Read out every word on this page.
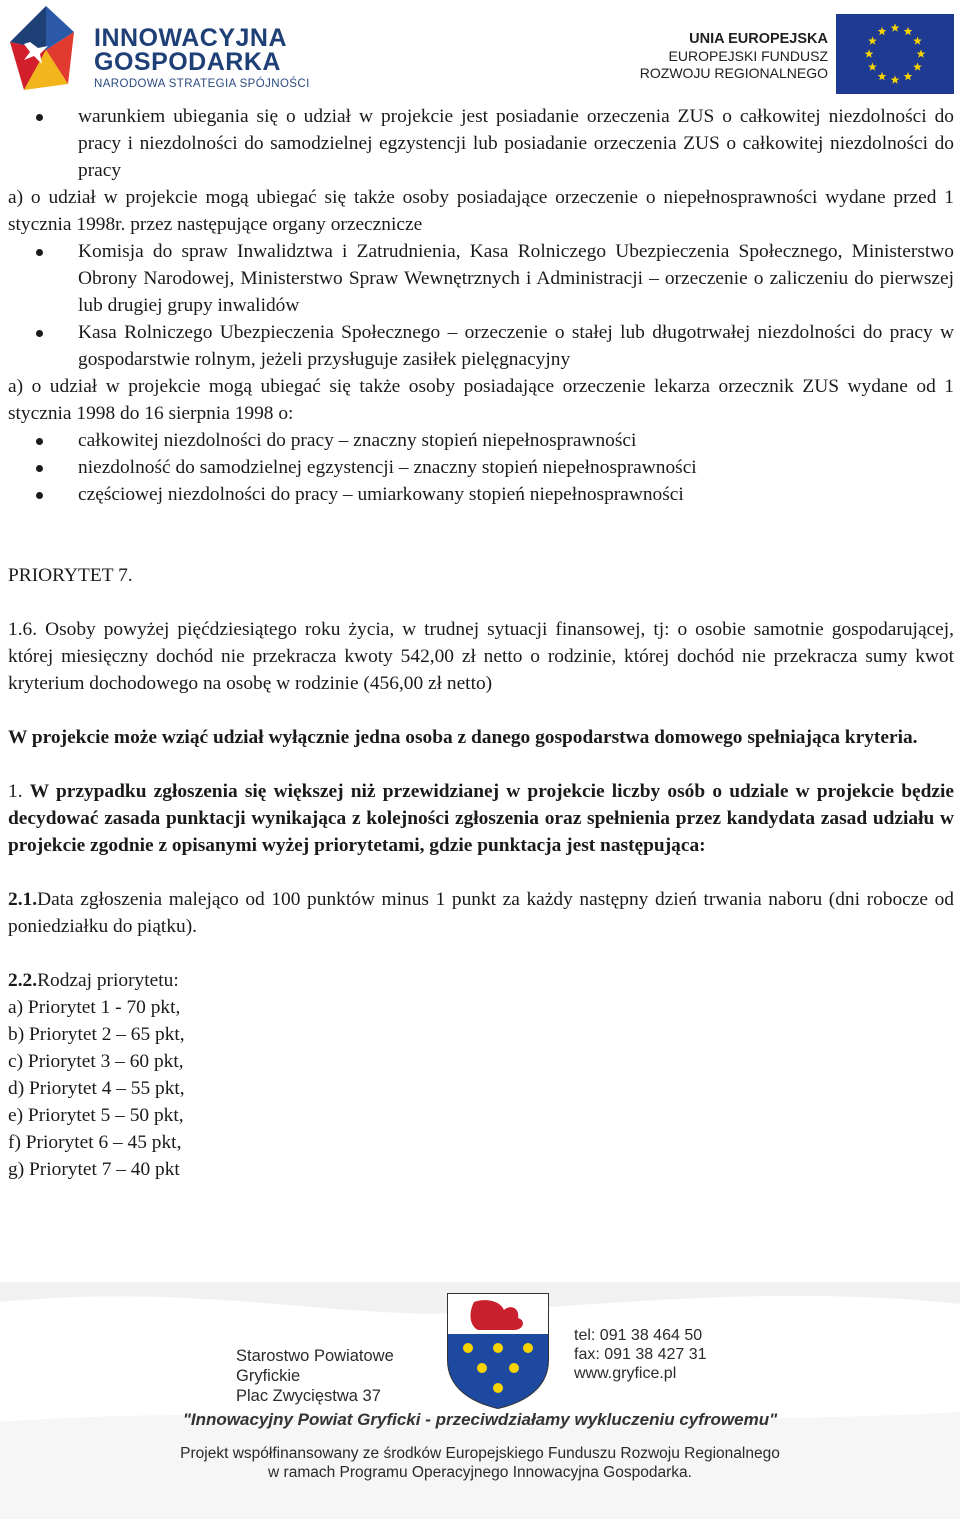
INNOWACYJNA
GOSPODARKA
NARODOWA STRATEGIA SPÓJNOŚCI
UNIA EUROPEJSKA
EUROPEJSKI FUNDUSZ
ROZWOJU REGIONALNEGO
warunkiem ubiegania się o udział w projekcie jest posiadanie orzeczenia ZUS o całkowitej niezdolności do pracy i niezdolności do samodzielnej egzystencji lub posiadanie orzeczenia ZUS o całkowitej niezdolności do pracy

a) o udział w projekcie mogą ubiegać się także osoby posiadające orzeczenie o niepełnosprawności wydane przed 1 stycznia 1998r. przez następujące organy orzecznicze

Komisja do spraw Inwalidztwa i Zatrudnienia, Kasa Rolniczego Ubezpieczenia Społecznego, Ministerstwo Obrony Narodowej, Ministerstwo Spraw Wewnętrznych i Administracji – orzeczenie o zaliczeniu do pierwszej lub drugiej grupy inwalidów
Kasa Rolniczego Ubezpieczenia Społecznego – orzeczenie o stałej lub długotrwałej niezdolności do pracy w gospodarstwie rolnym, jeżeli przysługuje zasiłek pielęgnacyjny

a) o udział w projekcie mogą ubiegać się także osoby posiadające orzeczenie lekarza orzecznik ZUS wydane od 1 stycznia 1998 do 16 sierpnia 1998 o:

całkowitej niezdolności do pracy – znaczny stopień niepełnosprawności
niezdolność do samodzielnej egzystencji – znaczny stopień niepełnosprawności
częściowej niezdolności do pracy – umiarkowany stopień niepełnosprawności

PRIORYTET 7.

1.6. Osoby powyżej pięćdziesiątego roku życia, w trudnej sytuacji finansowej, tj: o osobie samotnie gospodarującej, której miesięczny dochód nie przekracza kwoty 542,00 zł netto o rodzinie, której dochód nie przekracza sumy kwot kryterium dochodowego na osobę w rodzinie (456,00 zł netto)

W projekcie może wziąć udział wyłącznie jedna osoba z danego gospodarstwa domowego spełniająca kryteria.

1. W przypadku zgłoszenia się większej niż przewidzianej w projekcie liczby osób o udziale w projekcie będzie decydować zasada punktacji wynikająca z kolejności zgłoszenia oraz spełnienia przez kandydata zasad udziału w projekcie zgodnie z opisanymi wyżej priorytetami, gdzie punktacja jest następująca:

2.1.Data zgłoszenia malejąco od 100 punktów minus 1 punkt za każdy następny dzień trwania naboru (dni robocze od poniedziałku do piątku).

2.2.Rodzaj priorytetu:

a) Priorytet 1 - 70 pkt,
b) Priorytet 2 – 65 pkt,
c) Priorytet 3 – 60 pkt,
d) Priorytet 4 – 55 pkt,
e) Priorytet 5 – 50 pkt,
f) Priorytet 6 – 45 pkt,
g) Priorytet 7 – 40 pkt
Starostwo Powiatowe
Gryfickie
Plac Zwycięstwa 37
tel: 091 38 464 50
fax: 091 38 427 31
www.gryfice.pl
"Innowacyjny Powiat Gryficki - przeciwdziałamy wykluczeniu cyfrowemu"
Projekt współfinansowany ze środków Europejskiego Funduszu Rozwoju Regionalnego
w ramach Programu Operacyjnego Innowacyjna Gospodarka.
